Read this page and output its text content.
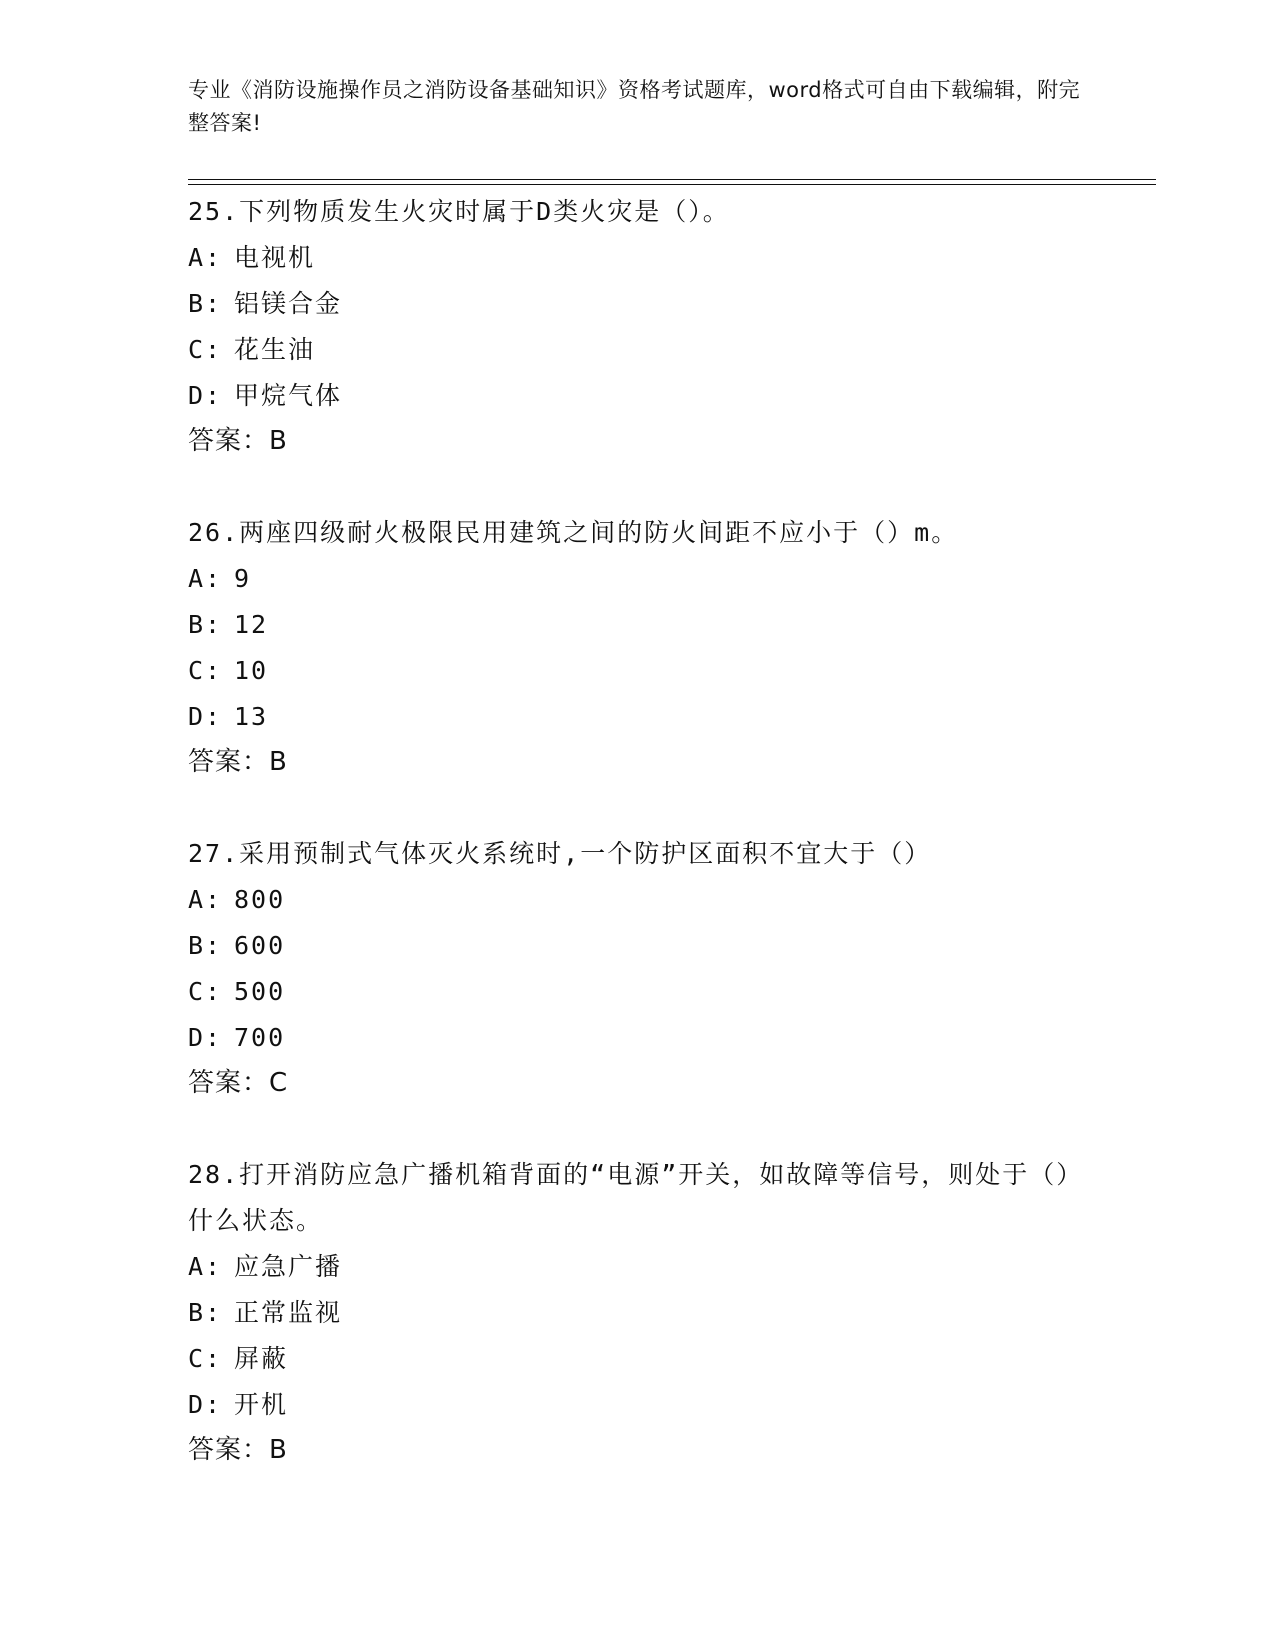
专业《消防设施操作员之消防设备基础知识》资格考试题库，word格式可自由下载编辑，附完整答案!

25.下列物质发生火灾时属于D类火灾是（）。

A: 电视机
B: 铝镁合金
C: 花生油
D: 甲烷气体
答案：B

26.两座四级耐火极限民用建筑之间的防火间距不应小于（）m。

A: 9
B: 12
C: 10
D: 13
答案：B

27.采用预制式气体灭火系统时,一个防护区面积不宜大于（）

A: 800
B: 600
C: 500
D: 700
答案：C

28.打开消防应急广播机箱背面的“电源”开关，如故障等信号，则处于（）什么状态。

A: 应急广播
B: 正常监视
C: 屏蔽
D: 开机
答案：B
